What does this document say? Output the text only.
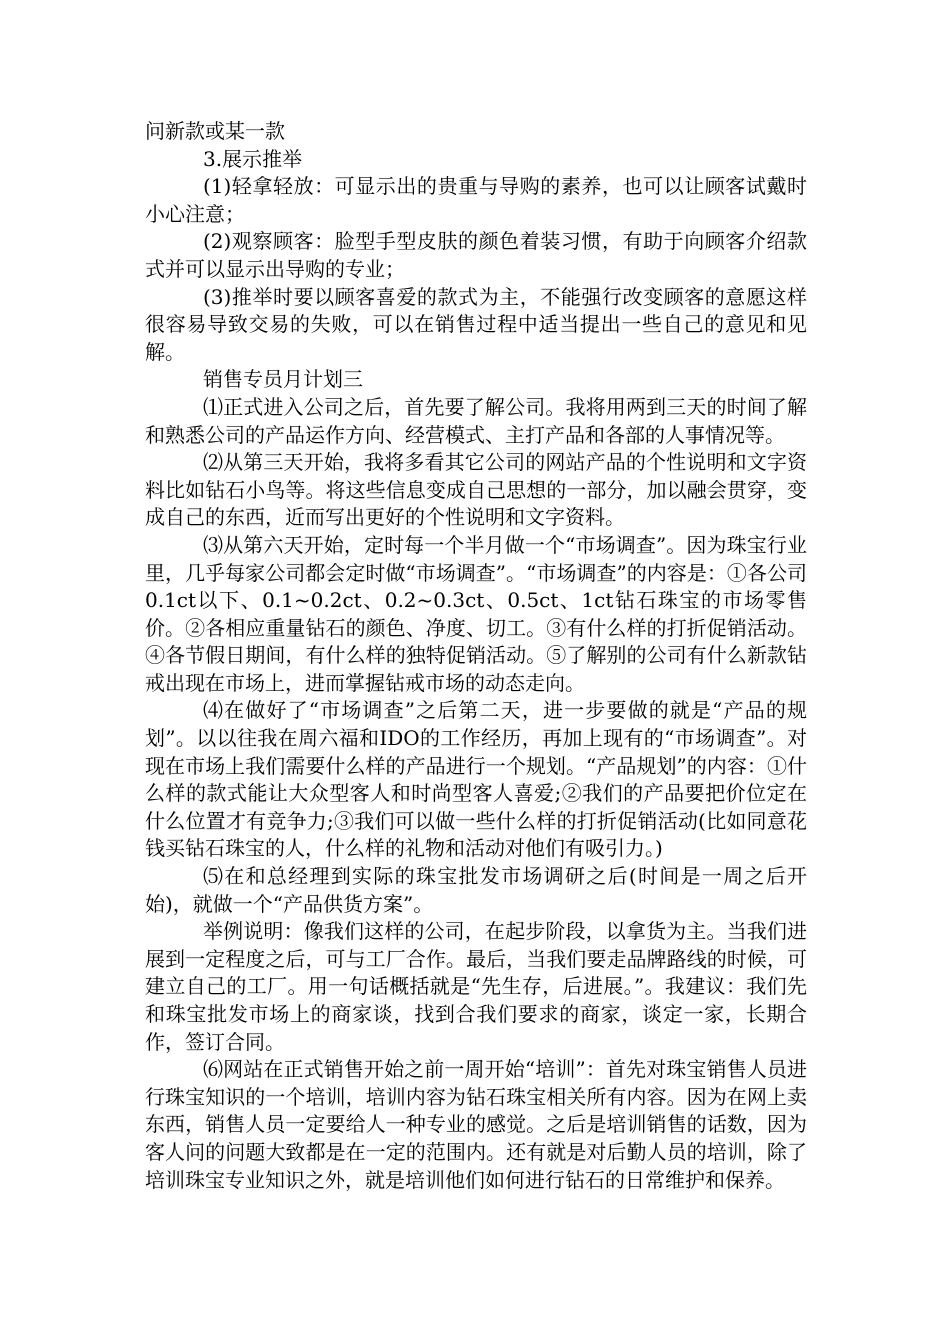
问新款或某一款

3.展示推举

(1)轻拿轻放：可显示出的贵重与导购的素养，也可以让顾客试戴时小心注意；

(2)观察顾客：脸型手型皮肤的颜色着装习惯，有助于向顾客介绍款式并可以显示出导购的专业；

(3)推举时要以顾客喜爱的款式为主，不能强行改变顾客的意愿这样很容易导致交易的失败，可以在销售过程中适当提出一些自己的意见和见解。

销售专员月计划三

⑴正式进入公司之后，首先要了解公司。我将用两到三天的时间了解和熟悉公司的产品运作方向、经营模式、主打产品和各部的人事情况等。

⑵从第三天开始，我将多看其它公司的网站产品的个性说明和文字资料比如钻石小鸟等。将这些信息变成自己思想的一部分，加以融会贯穿，变成自己的东西，近而写出更好的个性说明和文字资料。

⑶从第六天开始，定时每一个半月做一个“市场调查”。因为珠宝行业里，几乎每家公司都会定时做“市场调查”。“市场调查”的内容是：①各公司0.1ct以下、0.1~0.2ct、0.2~0.3ct、0.5ct、1ct钻石珠宝的市场零售价。②各相应重量钻石的颜色、净度、切工。③有什么样的打折促销活动。④各节假日期间，有什么样的独特促销活动。⑤了解别的公司有什么新款钻戒出现在市场上，进而掌握钻戒市场的动态走向。

⑷在做好了“市场调查”之后第二天，进一步要做的就是“产品的规划”。以以往我在周六福和IDO的工作经历，再加上现有的“市场调查”。对现在市场上我们需要什么样的产品进行一个规划。“产品规划”的内容：①什么样的款式能让大众型客人和时尚型客人喜爱;②我们的产品要把价位定在什么位置才有竞争力;③我们可以做一些什么样的打折促销活动(比如同意花钱买钻石珠宝的人，什么样的礼物和活动对他们有吸引力。)

⑸在和总经理到实际的珠宝批发市场调研之后(时间是一周之后开始)，就做一个“产品供货方案”。

举例说明：像我们这样的公司，在起步阶段，以拿货为主。当我们进展到一定程度之后，可与工厂合作。最后，当我们要走品牌路线的时候，可建立自己的工厂。用一句话概括就是“先生存，后进展。”。我建议：我们先和珠宝批发市场上的商家谈，找到合我们要求的商家，谈定一家，长期合作，签订合同。

⑹网站在正式销售开始之前一周开始“培训”：首先对珠宝销售人员进行珠宝知识的一个培训，培训内容为钻石珠宝相关所有内容。因为在网上卖东西，销售人员一定要给人一种专业的感觉。之后是培训销售的话数，因为客人问的问题大致都是在一定的范围内。还有就是对后勤人员的培训，除了培训珠宝专业知识之外，就是培训他们如何进行钻石的日常维护和保养。
